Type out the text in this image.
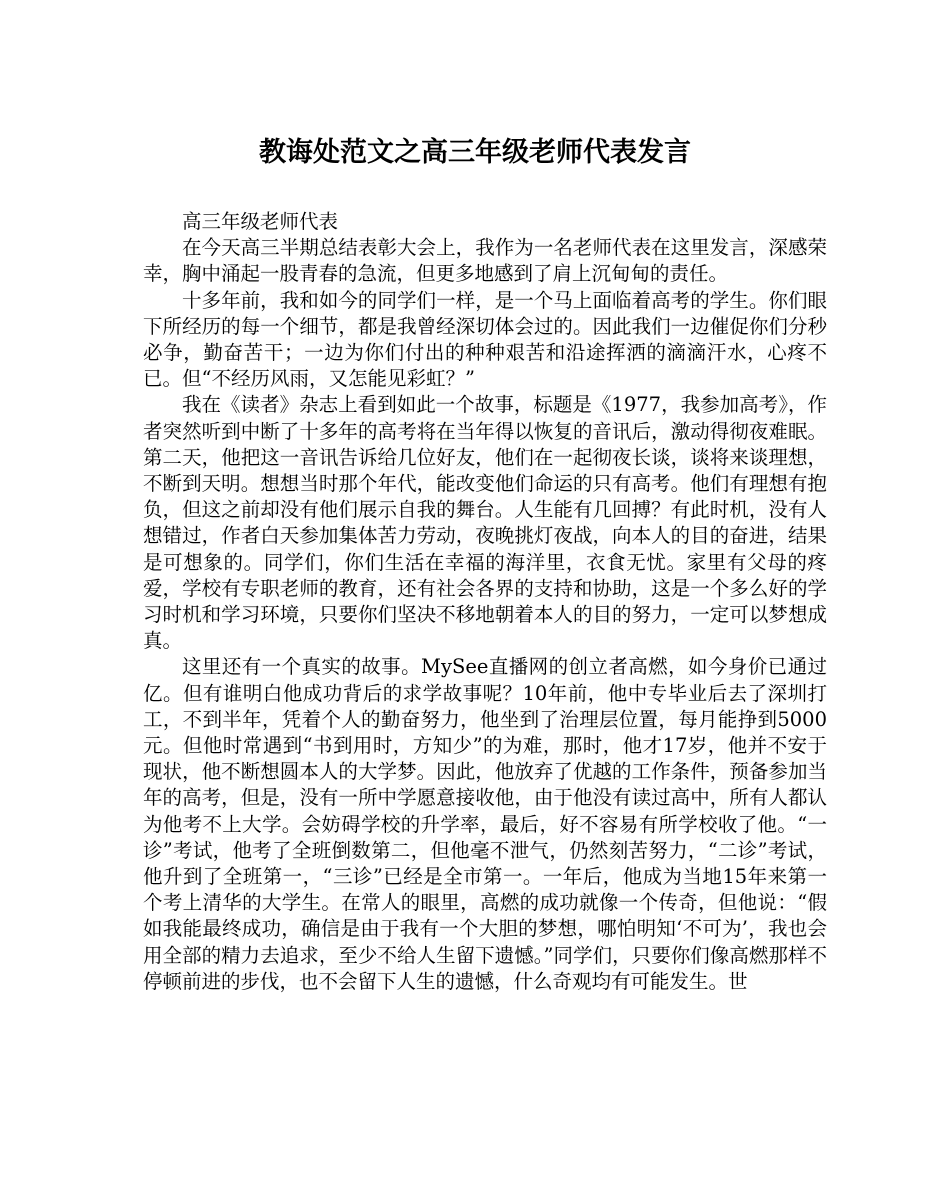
教诲处范文之高三年级老师代表发言

高三年级老师代表

在今天高三半期总结表彰大会上，我作为一名老师代表在这里发言，深感荣幸，胸中涌起一股青春的急流，但更多地感到了肩上沉甸甸的责任。

十多年前，我和如今的同学们一样，是一个马上面临着高考的学生。你们眼下所经历的每一个细节，都是我曾经深切体会过的。因此我们一边催促你们分秒必争，勤奋苦干；一边为你们付出的种种艰苦和沿途挥洒的滴滴汗水，心疼不已。但“不经历风雨，又怎能见彩虹？”

我在《读者》杂志上看到如此一个故事，标题是《1977，我参加高考》，作者突然听到中断了十多年的高考将在当年得以恢复的音讯后，激动得彻夜难眠。第二天，他把这一音讯告诉给几位好友，他们在一起彻夜长谈，谈将来谈理想，不断到天明。想想当时那个年代，能改变他们命运的只有高考。他们有理想有抱负，但这之前却没有他们展示自我的舞台。人生能有几回搏？有此时机，没有人想错过，作者白天参加集体苦力劳动，夜晚挑灯夜战，向本人的目的奋进，结果是可想象的。同学们，你们生活在幸福的海洋里，衣食无忧。家里有父母的疼爱，学校有专职老师的教育，还有社会各界的支持和协助，这是一个多么好的学习时机和学习环境，只要你们坚决不移地朝着本人的目的努力，一定可以梦想成真。

这里还有一个真实的故事。MySee直播网的创立者高燃，如今身价已通过亿。但有谁明白他成功背后的求学故事呢？10年前，他中专毕业后去了深圳打工，不到半年，凭着个人的勤奋努力，他坐到了治理层位置，每月能挣到5000元。但他时常遇到“书到用时，方知少”的为难，那时，他才17岁，他并不安于现状，他不断想圆本人的大学梦。因此，他放弃了优越的工作条件，预备参加当年的高考，但是，没有一所中学愿意接收他，由于他没有读过高中，所有人都认为他考不上大学。会妨碍学校的升学率，最后，好不容易有所学校收了他。“一诊”考试，他考了全班倒数第二，但他毫不泄气，仍然刻苦努力，“二诊”考试，他升到了全班第一，“三诊”已经是全市第一。一年后，他成为当地15年来第一个考上清华的大学生。在常人的眼里，高燃的成功就像一个传奇，但他说：“假如我能最终成功，确信是由于我有一个大胆的梦想，哪怕明知‘不可为’，我也会用全部的精力去追求，至少不给人生留下遗憾。”同学们，只要你们像高燃那样不停顿前进的步伐，也不会留下人生的遗憾，什么奇观均有可能发生。世
